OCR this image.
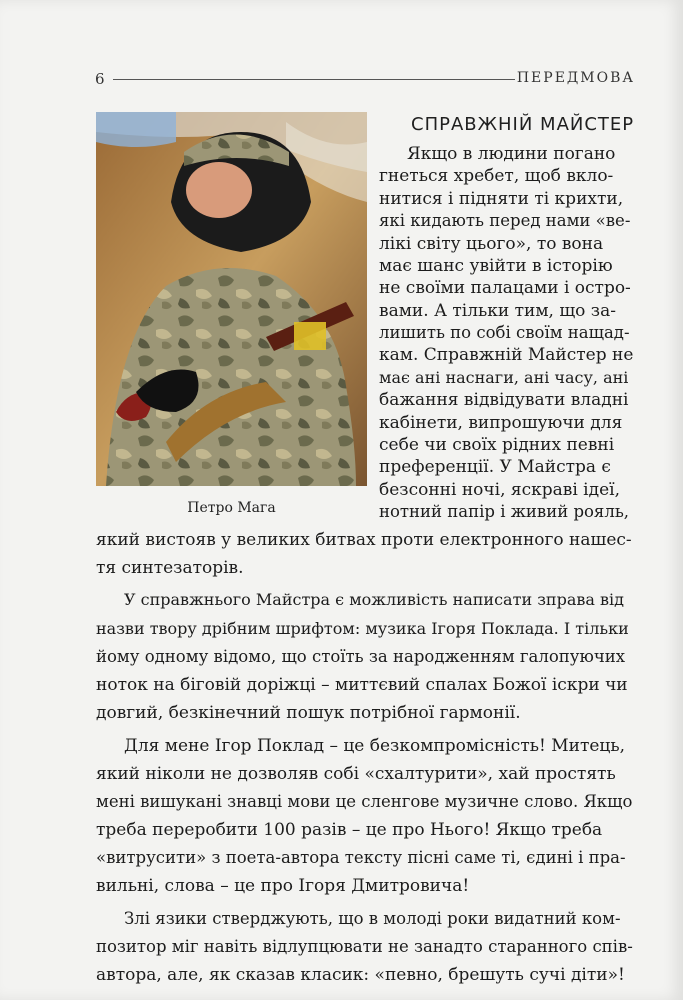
6	ПЕРЕДМОВА
Петро Мага
СПРАВЖНІЙ МАЙСТЕР
Якщо в людини погано
гнеться хребет, щоб вкло-
нитися і підняти ті крихти,
які кидають перед нами «ве-
лікі світу цього», то вона
має шанс увійти в історію
не своїми палацами і остро-
вами. А тільки тим, що за-
лишить по собі своїм нащад-
кам. Справжній Майстер не
має ані наснаги, ані часу, ані
бажання відвідувати владні
кабінети, випрошуючи для
себе чи своїх рідних певні
преференції. У Майстра є
безсонні ночі, яскраві ідеї,
нотний папір і живий рояль,
який вистояв у великих битвах проти електронного нашес-
тя синтезаторів.
У справжнього Майстра є можливість написати зправа від
назви твору дрібним шрифтом: музика Ігоря Поклада. І тільки
йому одному відомо, що стоїть за народженням галопуючих
ноток на біговій доріжці – миттєвий спалах Божої іскри чи
довгий, безкінечний пошук потрібної гармонії.
Для мене Ігор Поклад – це безкомпромісність! Митець,
який ніколи не дозволяв собі «схалтурити», хай простять
мені вишукані знавці мови це сленгове музичне слово. Якщо
треба переробити 100 разів – це про Нього! Якщо треба
«витрусити» з поета-автора тексту пісні саме ті, єдині і пра-
вильні, слова – це про Ігоря Дмитровича!
Злі язики стверджують, що в молоді роки видатний ком-
позитор міг навіть відлупцювати не занадто старанного спів-
автора, але, як сказав класик: «певно, брешуть сучі діти»!
